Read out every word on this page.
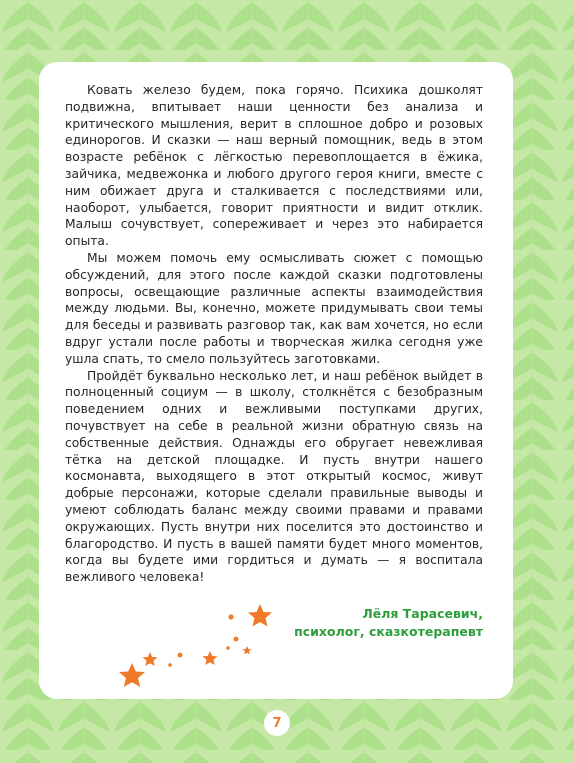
Ковать железо будем, пока горячо. Психика дошколят подвижна, впитывает наши ценности без анализа и критического мышления, верит в сплошное добро и розовых единорогов. И сказки — наш верный помощник, ведь в этом возрасте ребёнок с лёгкостью перевоплощается в ёжика, зайчика, медвежонка и любого другого героя книги, вместе с ним обижает друга и сталкивается с последствиями или, наоборот, улыбается, говорит приятности и видит отклик. Малыш сочувствует, сопереживает и через это набирается опыта.

Мы можем помочь ему осмысливать сюжет с помощью обсуждений, для этого после каждой сказки подготовлены вопросы, освещающие различные аспекты взаимодействия между людьми. Вы, конечно, можете придумывать свои темы для беседы и развивать разговор так, как вам хочется, но если вдруг устали после работы и творческая жилка сегодня уже ушла спать, то смело пользуйтесь заготовками.

Пройдёт буквально несколько лет, и наш ребёнок выйдет в полноценный социум — в школу, столкнётся с безобразным поведением одних и вежливыми поступками других, почувствует на себе в реальной жизни обратную связь на собственные действия. Однажды его обругает невежливая тётка на детской площадке. И пусть внутри нашего космонавта, выходящего в этот открытый космос, живут добрые персонажи, которые сделали правильные выводы и умеют соблюдать баланс между своими правами и правами окружающих. Пусть внутри них поселится это достоинство и благородство. И пусть в вашей памяти будет много моментов, когда вы будете ими гордиться и думать — я воспитала вежливого человека!

Лёля Тарасевич,
психолог, сказкотерапевт
7
